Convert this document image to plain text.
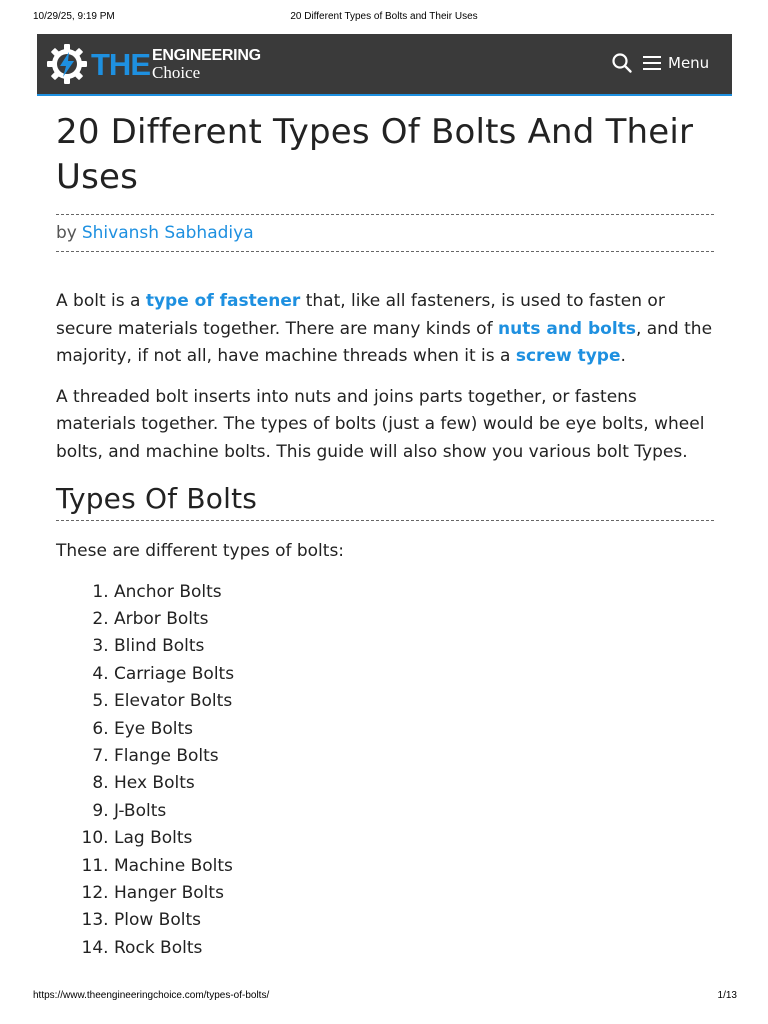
10/29/25, 9:19 PM	20 Different Types of Bolts and Their Uses
THE ENGINEERING
Choice	Menu
20 Different Types Of Bolts And Their Uses
by Shivansh Sabhadiya

A bolt is a type of fastener that, like all fasteners, is used to fasten or secure materials together. There are many kinds of nuts and bolts, and the majority, if not all, have machine threads when it is a screw type.

A threaded bolt inserts into nuts and joins parts together, or fastens materials together. The types of bolts (just a few) would be eye bolts, wheel bolts, and machine bolts. This guide will also show you various bolt Types.

Types Of Bolts

These are different types of bolts:

1. Anchor Bolts
2. Arbor Bolts
3. Blind Bolts
4. Carriage Bolts
5. Elevator Bolts
6. Eye Bolts
7. Flange Bolts
8. Hex Bolts
9. J-Bolts
10. Lag Bolts
11. Machine Bolts
12. Hanger Bolts
13. Plow Bolts
14. Rock Bolts
https://www.theengineeringchoice.com/types-of-bolts/	1/13
